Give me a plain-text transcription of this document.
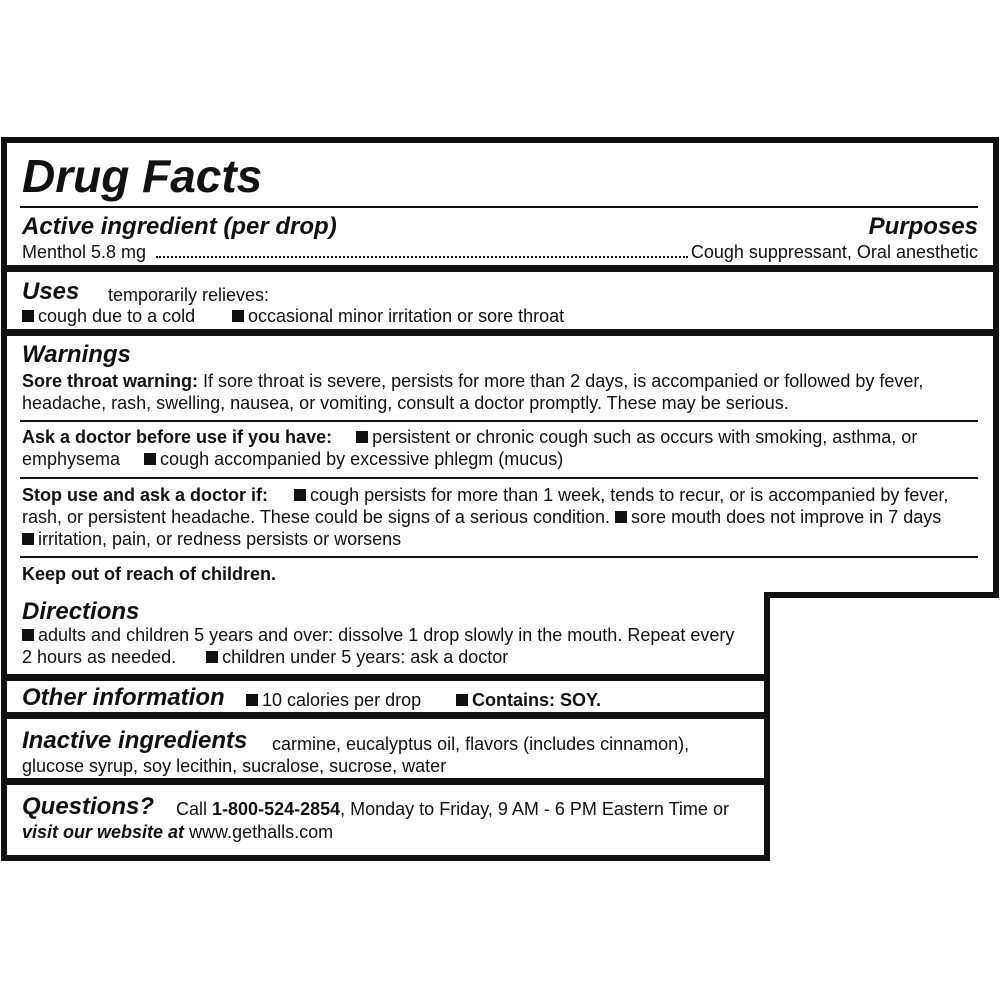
Drug Facts
Active ingredient (per drop)	Purposes
Menthol 5.8 mg	Cough suppressant, Oral anesthetic
Uses temporarily relieves:
cough due to a cold	occasional minor irritation or sore throat
Warnings
Sore throat warning: If sore throat is severe, persists for more than 2 days, is accompanied or followed by fever,
headache, rash, swelling, nausea, or vomiting, consult a doctor promptly. These may be serious.
Ask a doctor before use if you have: persistent or chronic cough such as occurs with smoking, asthma, or
emphysema cough accompanied by excessive phlegm (mucus)
Stop use and ask a doctor if: cough persists for more than 1 week, tends to recur, or is accompanied by fever,
rash, or persistent headache. These could be signs of a serious condition. sore mouth does not improve in 7 days
irritation, pain, or redness persists or worsens
Keep out of reach of children.
Directions
adults and children 5 years and over: dissolve 1 drop slowly in the mouth. Repeat every
2 hours as needed.	children under 5 years: ask a doctor
Other information	10 calories per drop	Contains: SOY.
Inactive ingredients carmine, eucalyptus oil, flavors (includes cinnamon),
glucose syrup, soy lecithin, sucralose, sucrose, water
Questions? Call 1-800-524-2854, Monday to Friday, 9 AM - 6 PM Eastern Time or
visit our website at www.gethalls.com
